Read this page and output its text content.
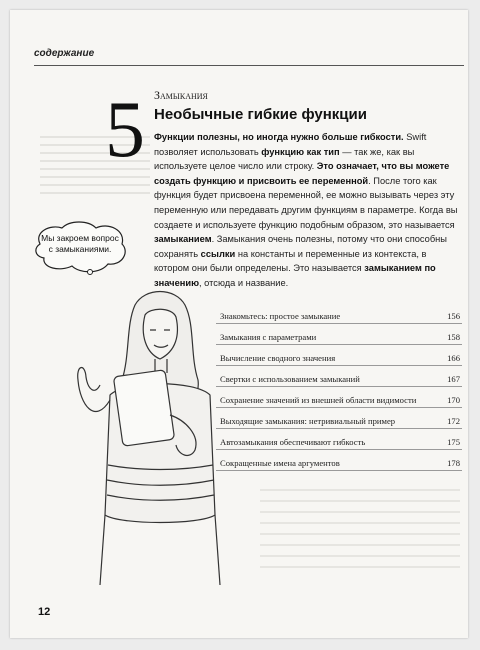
содержание
5 Замыкания
Необычные гибкие функции
Функции полезны, но иногда нужно больше гибкости. Swift позволяет использовать функцию как тип — так же, как вы используете целое число или строку. Это означает, что вы можете создать функцию и присвоить ее переменной. После того как функция будет присвоена переменной, ее можно вызывать через эту переменную или передавать другим функциям в параметре. Когда вы создаете и используете функцию подобным образом, это называется замыканием. Замыкания очень полезны, потому что они способны сохранять ссылки на константы и переменные из контекста, в котором они были определены. Это называется замыканием по значению, отсюда и название.
Мы закроем вопрос с замыканиями.
Знакомьтесь: простое замыкание	156
Замыкания с параметрами	158
Вычисление сводного значения	166
Свертки с использованием замыканий	167
Сохранение значений из внешней области видимости	170
Выходящие замыкания: нетривиальный пример	172
Автозамыкания обеспечивают гибкость	175
Сокращенные имена аргументов	178
12
